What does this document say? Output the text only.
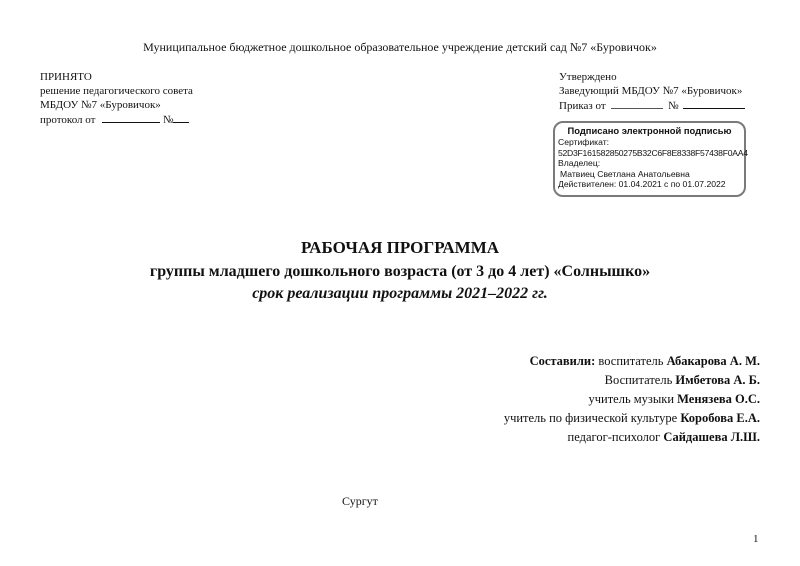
Муниципальное бюджетное дошкольное образовательное учреждение детский сад №7 «Буровичок»
ПРИНЯТО
решение педагогического совета
МБДОУ №7 «Буровичок»
протокол от	№
Утверждено
Заведующий МБДОУ №7 «Буровичок»
Приказ от	№
Подписано электронной подписью
Сертификат:
52D3F161582850275B32C6F8E8338F57438F0AA4
Владелец:
Матвиец Светлана Анатольевна
Действителен: 01.04.2021 с по 01.07.2022
РАБОЧАЯ ПРОГРАММА
группы младшего дошкольного возраста (от 3 до 4 лет) «Солнышко»
срок реализации программы 2021–2022 гг.
Составили: воспитатель Абакарова А. М.
Воспитатель Имбетова А. Б.
учитель музыки Менязева О.С.
учитель по физической культуре Коробова Е.А.
педагог-психолог Сайдашева Л.Ш.
Сургут
1
